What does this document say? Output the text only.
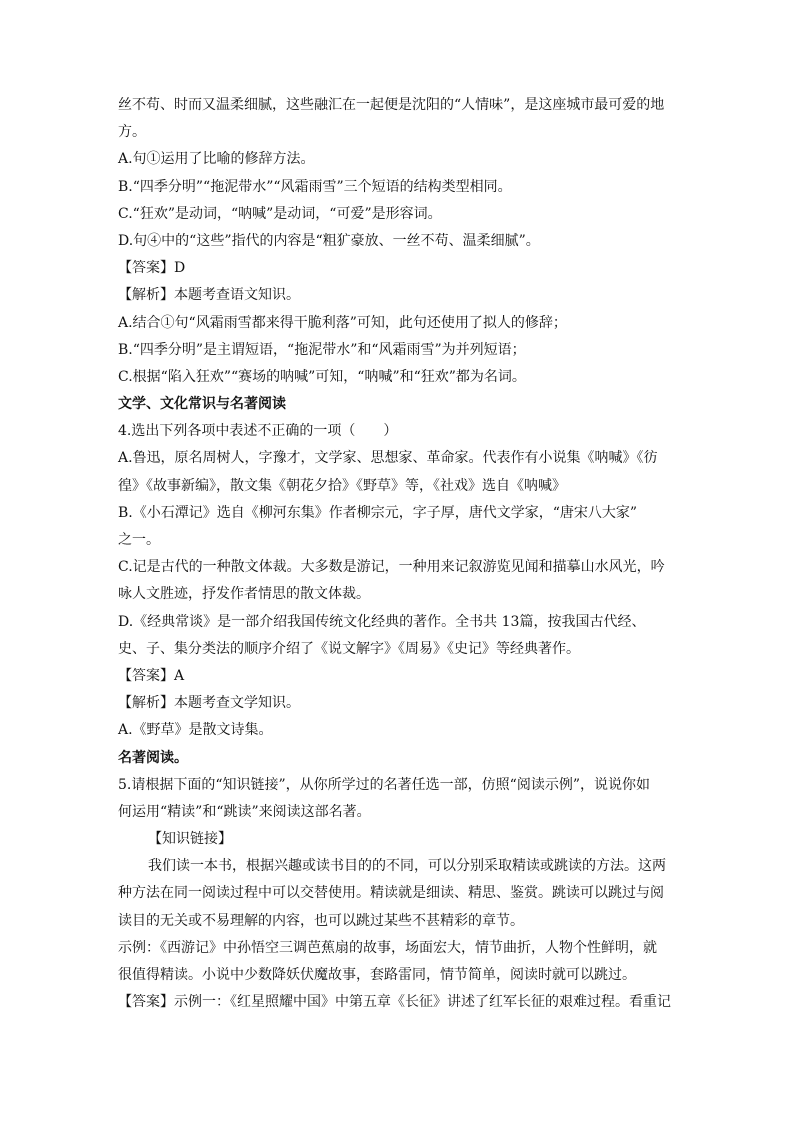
丝不苟、时而又温柔细腻，这些融汇在一起便是沈阳的“人情味”，是这座城市最可爱的地

方。

A.句①运用了比喻的修辞方法。

B.“四季分明”“拖泥带水”“风霜雨雪”三个短语的结构类型相同。

C.“狂欢”是动词，“呐喊”是动词，“可爱”是形容词。

D.句④中的“这些”指代的内容是“粗犷豪放、一丝不苟、温柔细腻”。

【答案】D

【解析】本题考查语文知识。

A.结合①句“风霜雨雪都来得干脆利落”可知，此句还使用了拟人的修辞；

B.“四季分明”是主谓短语，“拖泥带水”和“风霜雨雪”为并列短语；

C.根据“陷入狂欢”“赛场的呐喊”可知，“呐喊”和“狂欢”都为名词。

文学、文化常识与名著阅读

4.选出下列各项中表述不正确的一项（　　）

A.鲁迅，原名周树人，字豫才，文学家、思想家、革命家。代表作有小说集《呐喊》《彷

徨》《故事新编》，散文集《朝花夕拾》《野草》等，《社戏》选自《呐喊》

B.《小石潭记》选自《柳河东集》作者柳宗元，字子厚，唐代文学家，“唐宋八大家”

之一。

C.记是古代的一种散文体裁。大多数是游记，一种用来记叙游览见闻和描摹山水风光，吟

咏人文胜迹，抒发作者情思的散文体裁。

D.《经典常谈》是一部介绍我国传统文化经典的著作。全书共 13篇，按我国古代经、

史、子、集分类法的顺序介绍了《说文解字》《周易》《史记》等经典著作。

【答案】A

【解析】本题考查文学知识。

A.《野草》是散文诗集。

名著阅读。

5.请根据下面的“知识链接”，从你所学过的名著任选一部，仿照“阅读示例”，说说你如

何运用“精读”和“跳读”来阅读这部名著。

【知识链接】

我们读一本书，根据兴趣或读书目的的不同，可以分别采取精读或跳读的方法。这两

种方法在同一阅读过程中可以交替使用。精读就是细读、精思、鉴赏。跳读可以跳过与阅

读目的无关或不易理解的内容，也可以跳过某些不甚精彩的章节。

示例：《西游记》中孙悟空三调芭蕉扇的故事，场面宏大，情节曲折，人物个性鲜明，就

很值得精读。小说中少数降妖伏魔故事，套路雷同，情节简单，阅读时就可以跳过。

【答案】示例一：《红星照耀中国》中第五章《长征》讲述了红军长征的艰难过程。看重记
